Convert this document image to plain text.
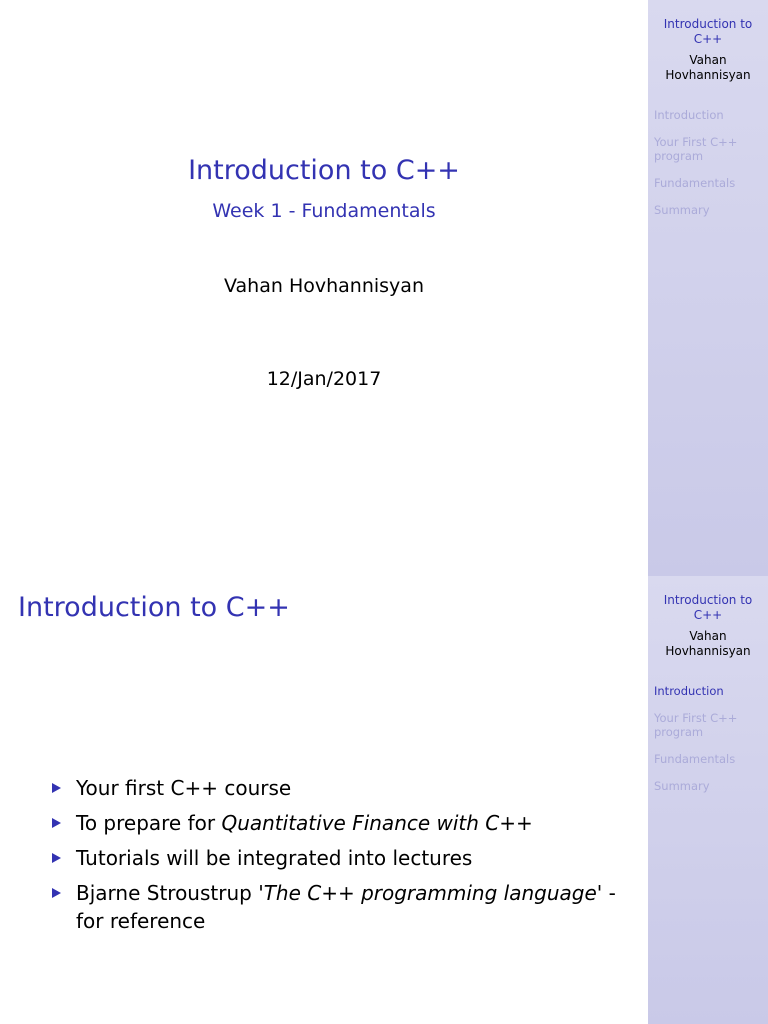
Introduction to C++
Week 1 - Fundamentals
Vahan Hovhannisyan
12/Jan/2017
Introduction to
C++
Vahan
Hovhannisyan
Introduction
Your First C++
program
Fundamentals
Summary
Introduction to C++
Your first C++ course
To prepare for Quantitative Finance with C++
Tutorials will be integrated into lectures
Bjarne Stroustrup 'The C++ programming language' - for reference
Introduction to
C++
Vahan
Hovhannisyan
Introduction
Your First C++
program
Fundamentals
Summary
